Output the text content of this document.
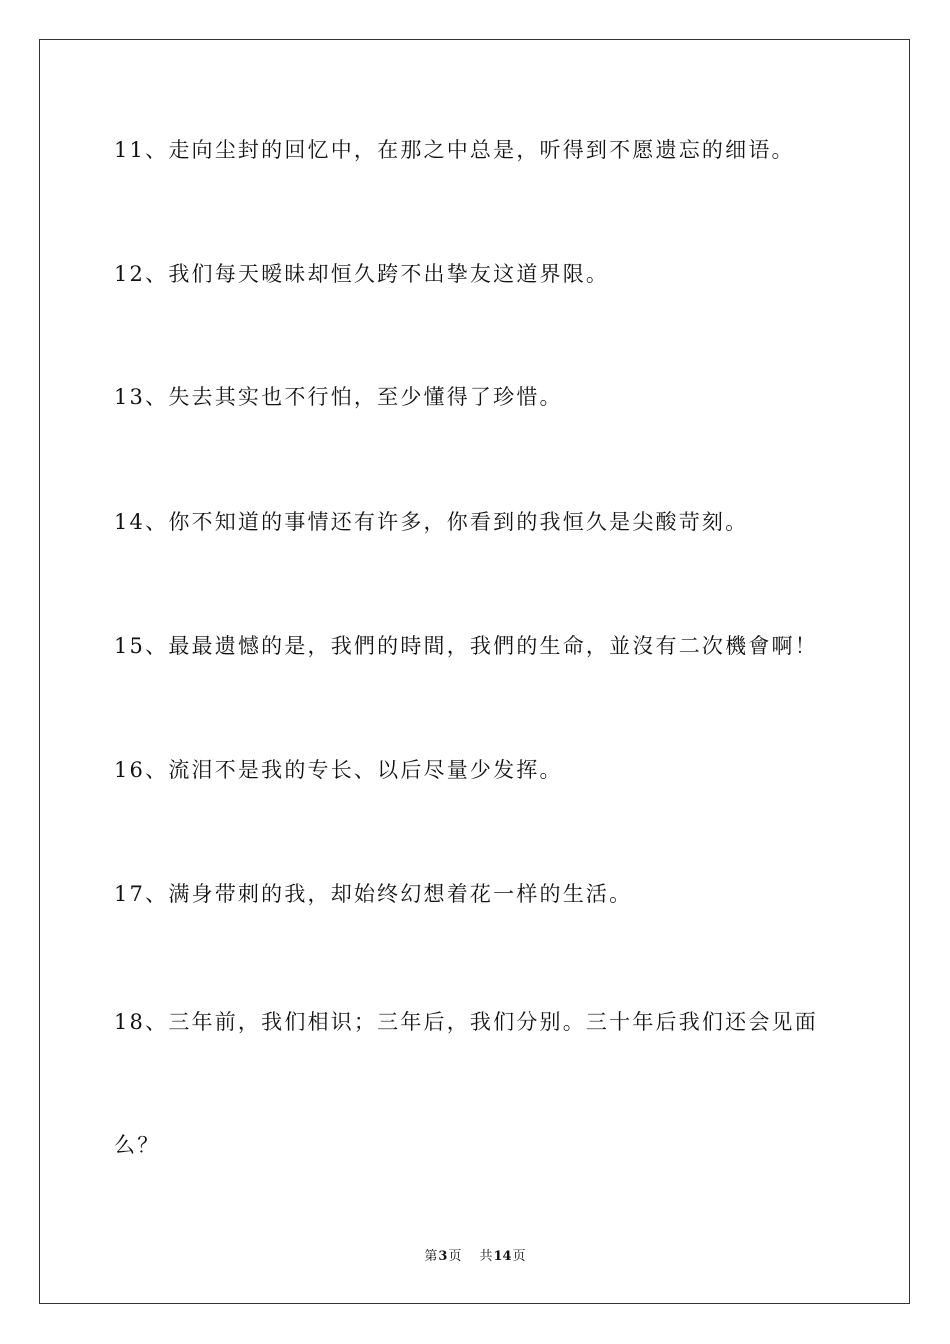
11、走向尘封的回忆中，在那之中总是，听得到不愿遗忘的细语。
12、我们每天暧昧却恒久跨不出挚友这道界限。
13、失去其实也不行怕，至少懂得了珍惜。
14、你不知道的事情还有许多，你看到的我恒久是尖酸苛刻。
15、最最遗憾的是，我們的時間，我們的生命，並沒有二次機會啊！
16、流泪不是我的专长、以后尽量少发挥。
17、满身带刺的我，却始终幻想着花一样的生活。
18、三年前，我们相识；三年后，我们分别。三十年后我们还会见面
么？
第3页 共14页
